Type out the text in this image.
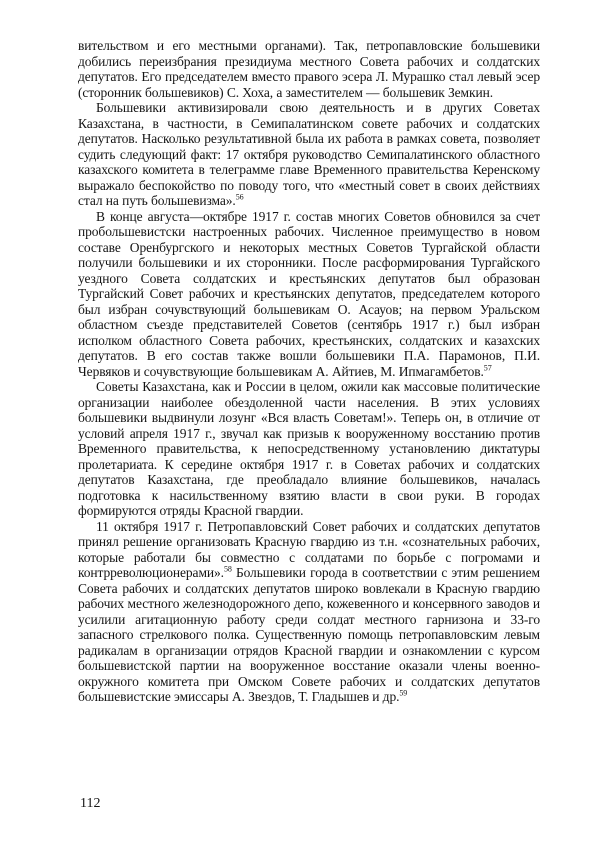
вительством и его местными органами). Так, петропавловские большевики добились переизбрания президиума местного Совета рабочих и солдатских депутатов. Его председателем вместо правого эсера Л. Мурашко стал левый эсер (сторонник большевиков) С. Хоха, а заместителем — большевик Земкин.

Большевики активизировали свою деятельность и в других Советах Казахстана, в частности, в Семипалатинском совете рабочих и солдатских депутатов. Насколько результативной была их работа в рамках совета, позволяет судить следующий факт: 17 октября руководство Семипалатинского областного казахского комитета в телеграмме главе Временного правительства Керенскому выражало беспокойство по поводу того, что «местный совет в своих действиях стал на путь большевизма».$^{56}$

В конце августа—октябре 1917 г. состав многих Советов обновился за счет пробольшевистски настроенных рабочих. Численное преимущество в новом составе Оренбургского и некоторых местных Советов Тургайской области получили большевики и их сторонники. После расформирования Тургайского уездного Совета солдатских и крестьянских депутатов был образован Тургайский Совет рабочих и крестьянских депутатов, председателем которого был избран сочувствующий большевикам О. Асауов; на первом Уральском областном съезде представителей Советов (сентябрь 1917 г.) был избран исполком областного Совета рабочих, крестьянских, солдатских и казахских депутатов. В его состав также вошли большевики П.А. Парамонов, П.И. Червяков и сочувствующие большевикам А. Айтиев, М. Ипмагамбетов.$^{57}$

Советы Казахстана, как и России в целом, ожили как массовые политические организации наиболее обездоленной части населения. В этих условиях большевики выдвинули лозунг «Вся власть Советам!». Теперь он, в отличие от условий апреля 1917 г., звучал как призыв к вооруженному восстанию против Временного правительства, к непосредственному установлению диктатуры пролетариата. К середине октября 1917 г. в Советах рабочих и солдатских депутатов Казахстана, где преобладало влияние большевиков, началась подготовка к насильственному взятию власти в свои руки. В городах формируются отряды Красной гвардии.

11 октября 1917 г. Петропавловский Совет рабочих и солдатских депутатов принял решение организовать Красную гвардию из т.н. «сознательных рабочих, которые работали бы совместно с солдатами по борьбе с погромами и контрреволюционерами».$^{58}$ Большевики города в соответствии с этим решением Совета рабочих и солдатских депутатов широко вовлекали в Красную гвардию рабочих местного железнодорожного депо, кожевенного и консервного заводов и усилили агитационную работу среди солдат местного гарнизона и 33-го запасного стрелкового полка. Существенную помощь петропавловским левым радикалам в организации отрядов Красной гвардии и ознакомлении с курсом большевистской партии на вооруженное восстание оказали члены военно-окружного комитета при Омском Совете рабочих и солдатских депутатов большевистские эмиссары А. Звездов, Т. Гладышев и др.$^{59}$

112
